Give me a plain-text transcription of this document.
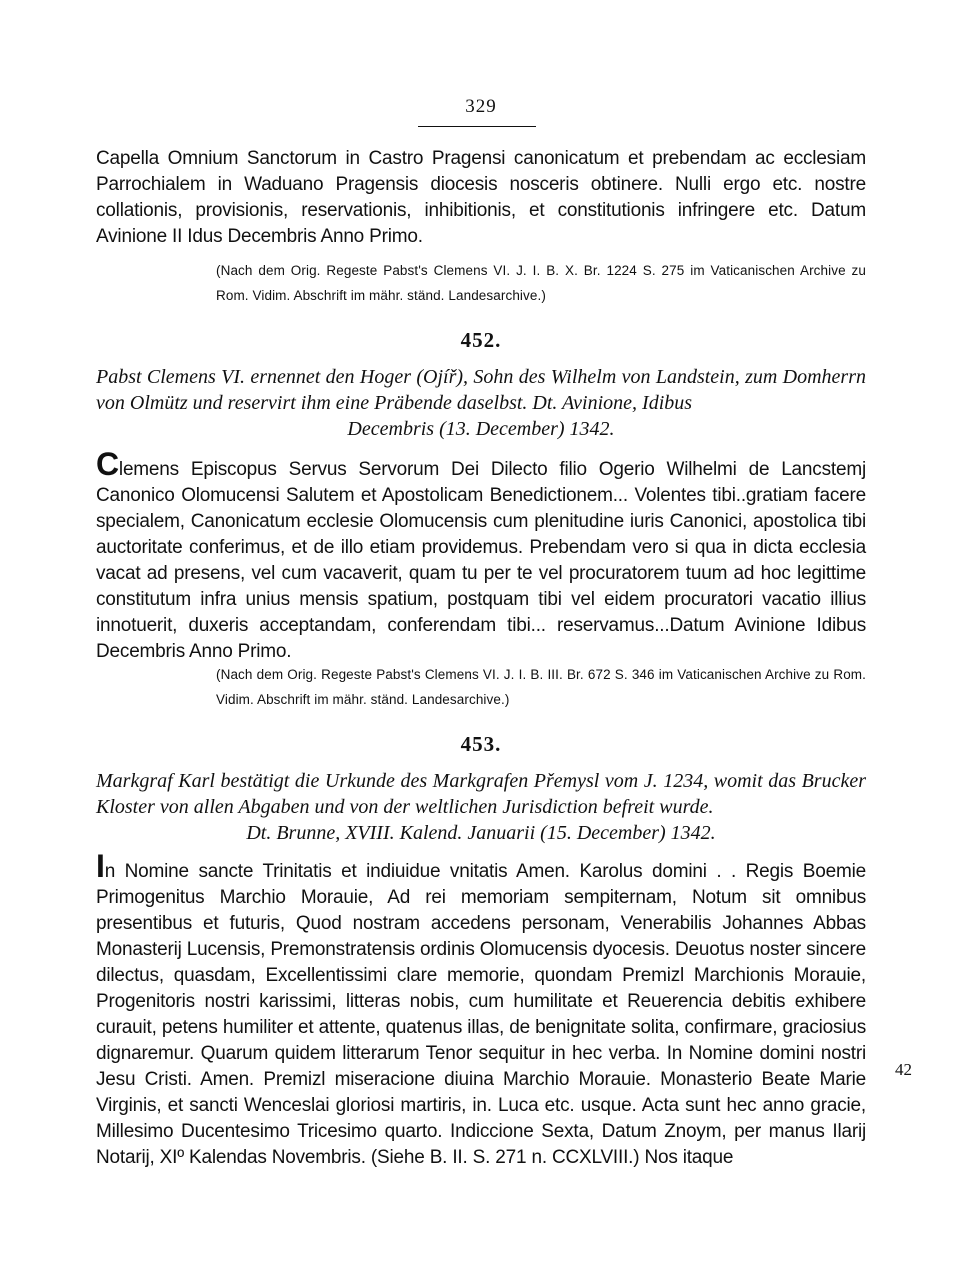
329
Capella Omnium Sanctorum in Castro Pragensi canonicatum et prebendam ac ecclesiam Parrochialem in Waduano Pragensis diocesis nosceris obtinere. Nulli ergo etc. nostre collationis, provisionis, reservationis, inhibitionis, et constitutionis infringere etc. Datum Avinione II Idus Decembris Anno Primo.
(Nach dem Orig. Regeste Pabst's Clemens VI. J. I. B. X. Br. 1224 S. 275 im Vaticanischen Archive zu Rom. Vidim. Abschrift im mähr. ständ. Landesarchive.)
452.
Pabst Clemens VI. ernennet den Hoger (Ojíř), Sohn des Wilhelm von Landstein, zum Domherrn von Olmütz und reservirt ihm eine Präbende daselbst. Dt. Avinione, Idibus
Decembris (13. December) 1342.
Clemens Episcopus Servus Servorum Dei Dilecto filio Ogerio Wilhelmi de Lancstemj Canonico Olomucensi Salutem et Apostolicam Benedictionem... Volentes tibi..gratiam facere specialem, Canonicatum ecclesie Olomucensis cum plenitudine iuris Canonici, apostolica tibi auctoritate conferimus, et de illo etiam providemus. Prebendam vero si qua in dicta ecclesia vacat ad presens, vel cum vacaverit, quam tu per te vel procuratorem tuum ad hoc legittime constitutum infra unius mensis spatium, postquam tibi vel eidem procuratori vacatio illius innotuerit, duxeris acceptandam, conferendam tibi... reservamus...Datum Avinione Idibus Decembris Anno Primo.
(Nach dem Orig. Regeste Pabst's Clemens VI. J. I. B. III. Br. 672 S. 346 im Vaticanischen Archive zu Rom. Vidim. Abschrift im mähr. ständ. Landesarchive.)
453.
Markgraf Karl bestätigt die Urkunde des Markgrafen Přemysl vom J. 1234, womit das Brucker Kloster von allen Abgaben und von der weltlichen Jurisdiction befreit wurde.
Dt. Brunne, XVIII. Kalend. Januarii (15. December) 1342.
In Nomine sancte Trinitatis et indiuidue vnitatis Amen. Karolus domini . . Regis Boemie Primogenitus Marchio Morauie, Ad rei memoriam sempiternam, Notum sit omnibus presentibus et futuris, Quod nostram accedens personam, Venerabilis Johannes Abbas Monasterij Lucensis, Premonstratensis ordinis Olomucensis dyocesis. Deuotus noster sincere dilectus, quasdam, Excellentissimi clare memorie, quondam Premizl Marchionis Morauie, Progenitoris nostri karissimi, litteras nobis, cum humilitate et Reuerencia debitis exhibere curauit, petens humiliter et attente, quatenus illas, de benignitate solita, confirmare, graciosius dignaremur. Quarum quidem litterarum Tenor sequitur in hec verba. In Nomine domini nostri Jesu Cristi. Amen. Premizl miseracione diuina Marchio Morauie. Monasterio Beate Marie Virginis, et sancti Wenceslai gloriosi martiris, in. Luca etc. usque. Acta sunt hec anno gracie, Millesimo Ducentesimo Tricesimo quarto. Indiccione Sexta, Datum Znoym, per manus Ilarij Notarij, XIº Kalendas Novembris. (Siehe B. II. S. 271 n. CCXLVIII.) Nos itaque
42
